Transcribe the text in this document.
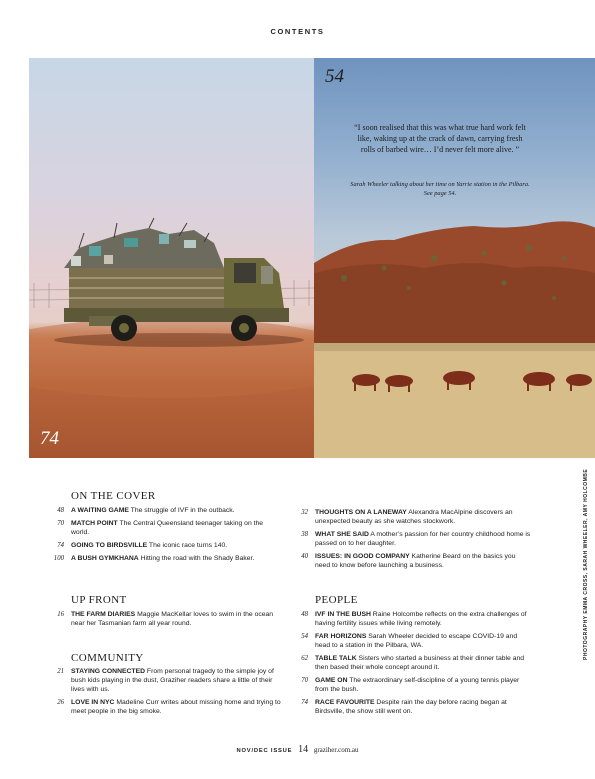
CONTENTS
74
54
“I soon realised that this was what true hard work felt like, waking up at the crack of dawn, carrying fresh rolls of barbed wire… I’d never felt more alive. ”
Sarah Wheeler talking about her time on Yarrie station in the Pilbara. See page 54.
ON THE COVER
48 A WAITING GAME The struggle of IVF in the outback.
70 MATCH POINT The Central Queensland teenager taking on the world.
74 GOING TO BIRDSVILLE The iconic race turns 140.
100 A BUSH GYMKHANA Hitting the road with the Shady Baker.
UP FRONT
16 THE FARM DIARIES Maggie MacKellar loves to swim in the ocean near her Tasmanian farm all year round.
COMMUNITY
21 STAYING CONNECTED From personal tragedy to the simple joy of bush kids playing in the dust, Graziher readers share a little of their lives with us.
26 LOVE IN NYC Madeline Curr writes about missing home and trying to meet people in the big smoke.
32 THOUGHTS ON A LANEWAY Alexandra MacAlpine discovers an unexpected beauty as she watches stockwork.
38 WHAT SHE SAID A mother’s passion for her country childhood home is passed on to her daughter.
40 ISSUES: IN GOOD COMPANY Katherine Beard on the basics you need to know before launching a business.
PEOPLE
48 IVF IN THE BUSH Raine Holcombe reflects on the extra challenges of having fertility issues while living remotely.
54 FAR HORIZONS Sarah Wheeler decided to escape COVID-19 and head to a station in the Pilbara, WA.
62 TABLE TALK Sisters who started a business at their dinner table and then based their whole concept around it.
70 GAME ON The extraordinary self-discipline of a young tennis player from the bush.
74 RACE FAVOURITE Despite rain the day before racing began at Birdsville, the show still went on.
PHOTOGRAPHY EMMA CROSS, SARAH WHEELER, AMY HOLCOMBE
NOV/DEC ISSUE 14 graziher.com.au
